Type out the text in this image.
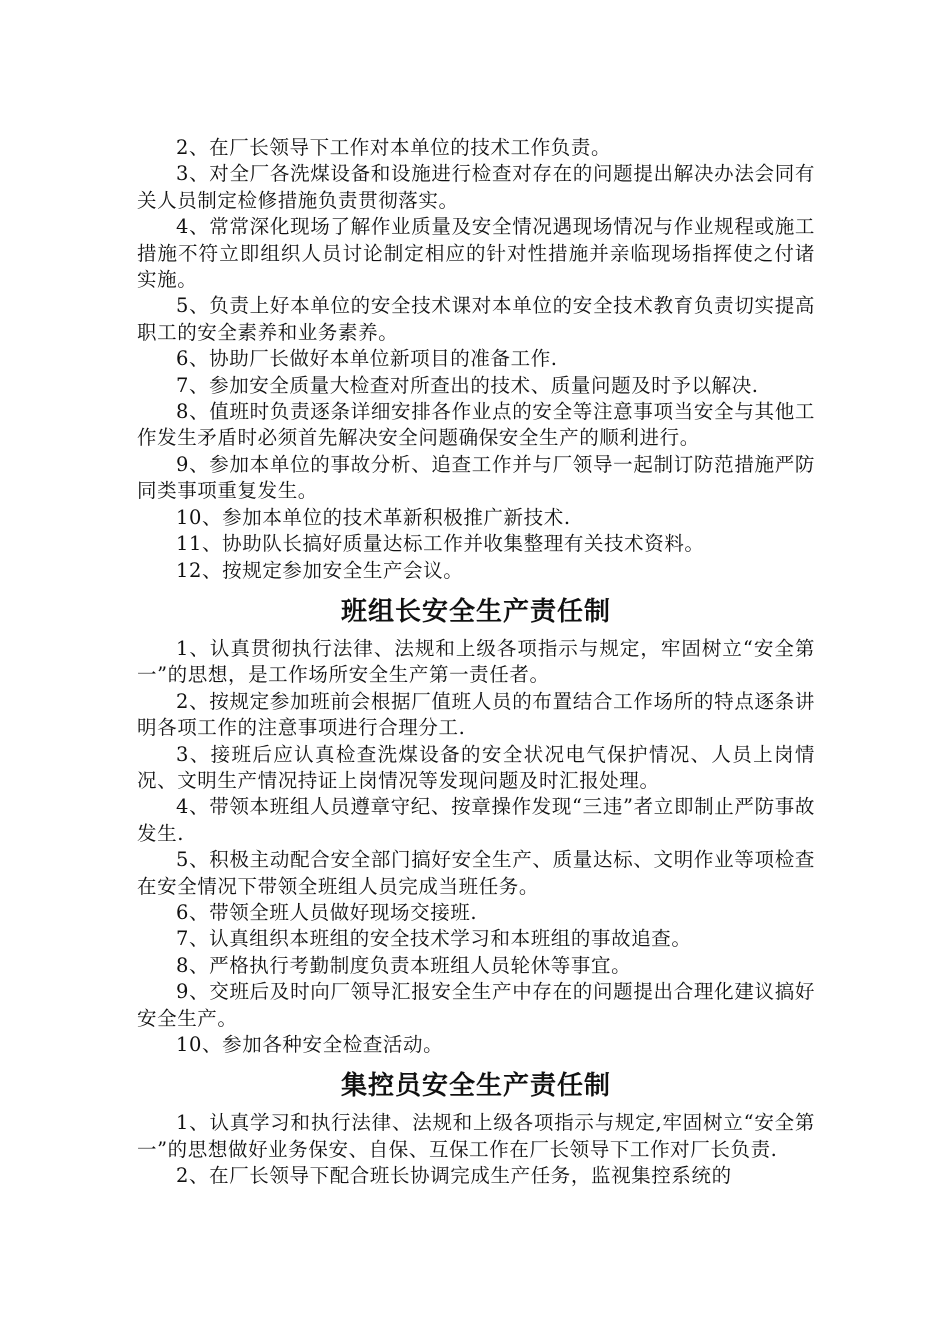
2、在厂长领导下工作对本单位的技术工作负责。

3、对全厂各洗煤设备和设施进行检查对存在的问题提出解决办法会同有关人员制定检修措施负责贯彻落实。

4、常常深化现场了解作业质量及安全情况遇现场情况与作业规程或施工措施不符立即组织人员讨论制定相应的针对性措施并亲临现场指挥使之付诸实施。

5、负责上好本单位的安全技术课对本单位的安全技术教育负责切实提高职工的安全素养和业务素养。

6、协助厂长做好本单位新项目的准备工作.

7、参加安全质量大检查对所查出的技术、质量问题及时予以解决.

8、值班时负责逐条详细安排各作业点的安全等注意事项当安全与其他工作发生矛盾时必须首先解决安全问题确保安全生产的顺利进行。

9、参加本单位的事故分析、追查工作并与厂领导一起制订防范措施严防同类事项重复发生。

10、参加本单位的技术革新积极推广新技术.

11、协助队长搞好质量达标工作并收集整理有关技术资料。

12、按规定参加安全生产会议。

班组长安全生产责任制

1、认真贯彻执行法律、法规和上级各项指示与规定，牢固树立“安全第一”的思想，是工作场所安全生产第一责任者。

2、按规定参加班前会根据厂值班人员的布置结合工作场所的特点逐条讲明各项工作的注意事项进行合理分工.

3、接班后应认真检查洗煤设备的安全状况电气保护情况、人员上岗情况、文明生产情况持证上岗情况等发现问题及时汇报处理。

4、带领本班组人员遵章守纪、按章操作发现“三违”者立即制止严防事故发生.

5、积极主动配合安全部门搞好安全生产、质量达标、文明作业等项检查在安全情况下带领全班组人员完成当班任务。

6、带领全班人员做好现场交接班.

7、认真组织本班组的安全技术学习和本班组的事故追查。

8、严格执行考勤制度负责本班组人员轮休等事宜。

9、交班后及时向厂领导汇报安全生产中存在的问题提出合理化建议搞好安全生产。

10、参加各种安全检查活动。

集控员安全生产责任制

1、认真学习和执行法律、法规和上级各项指示与规定,牢固树立“安全第一”的思想做好业务保安、自保、互保工作在厂长领导下工作对厂长负责.

2、在厂长领导下配合班长协调完成生产任务，监视集控系统的
